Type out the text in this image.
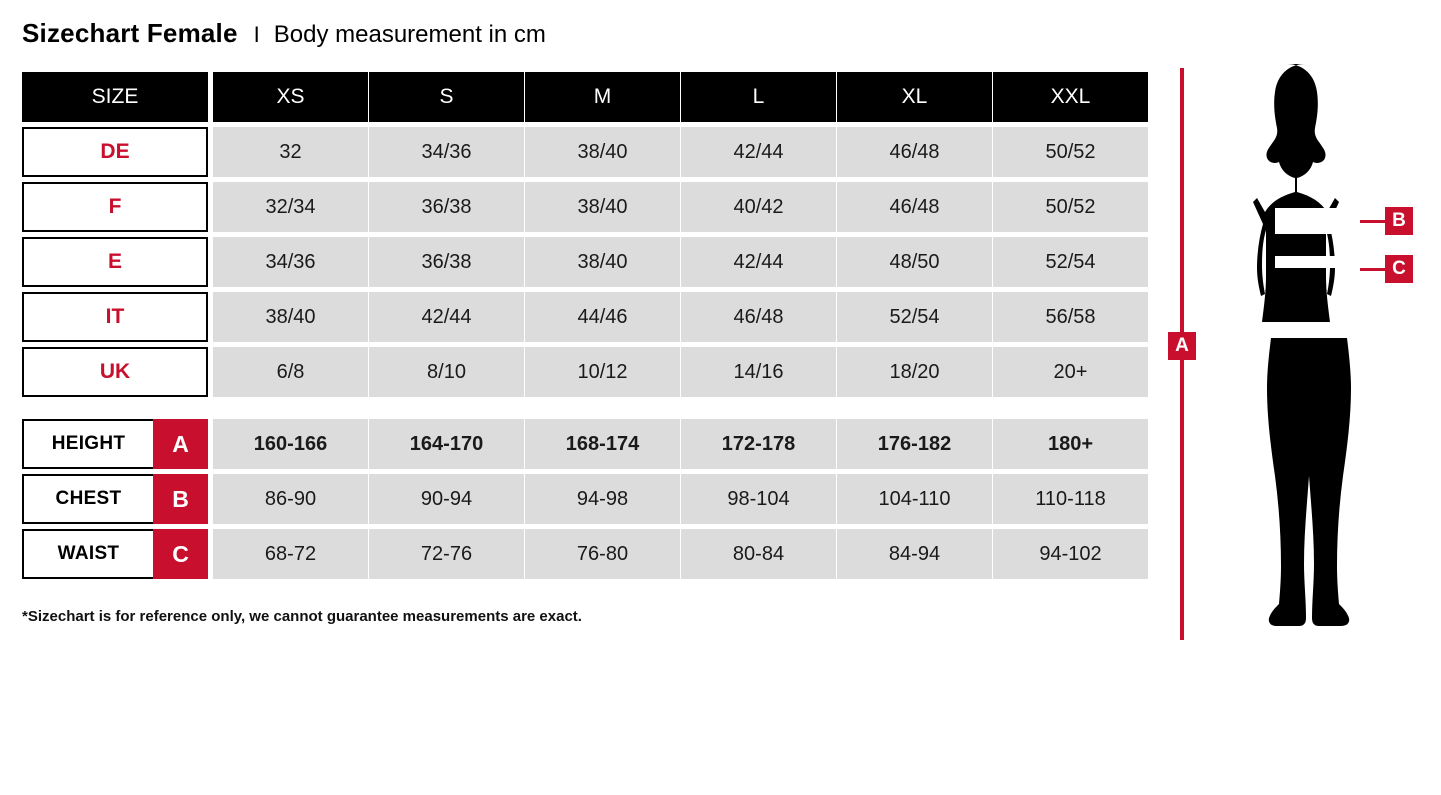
Sizechart Female I Body measurement in cm
SIZE	XS	S	M	L	XL	XXL
DE	32	34/36	38/40	42/44	46/48	50/52
F	32/34	36/38	38/40	40/42	46/48	50/52
E	34/36	36/38	38/40	42/44	48/50	52/54
IT	38/40	42/44	44/46	46/48	52/54	56/58
UK	6/8	8/10	10/12	14/16	18/20	20+
HEIGHT	A	160-166	164-170	168-174	172-178	176-182	180+
CHEST	B	86-90	90-94	94-98	98-104	104-110	110-118
WAIST	C	68-72	72-76	76-80	80-84	84-94	94-102
*Sizechart is for reference only, we cannot guarantee measurements are exact.
A
B
C
